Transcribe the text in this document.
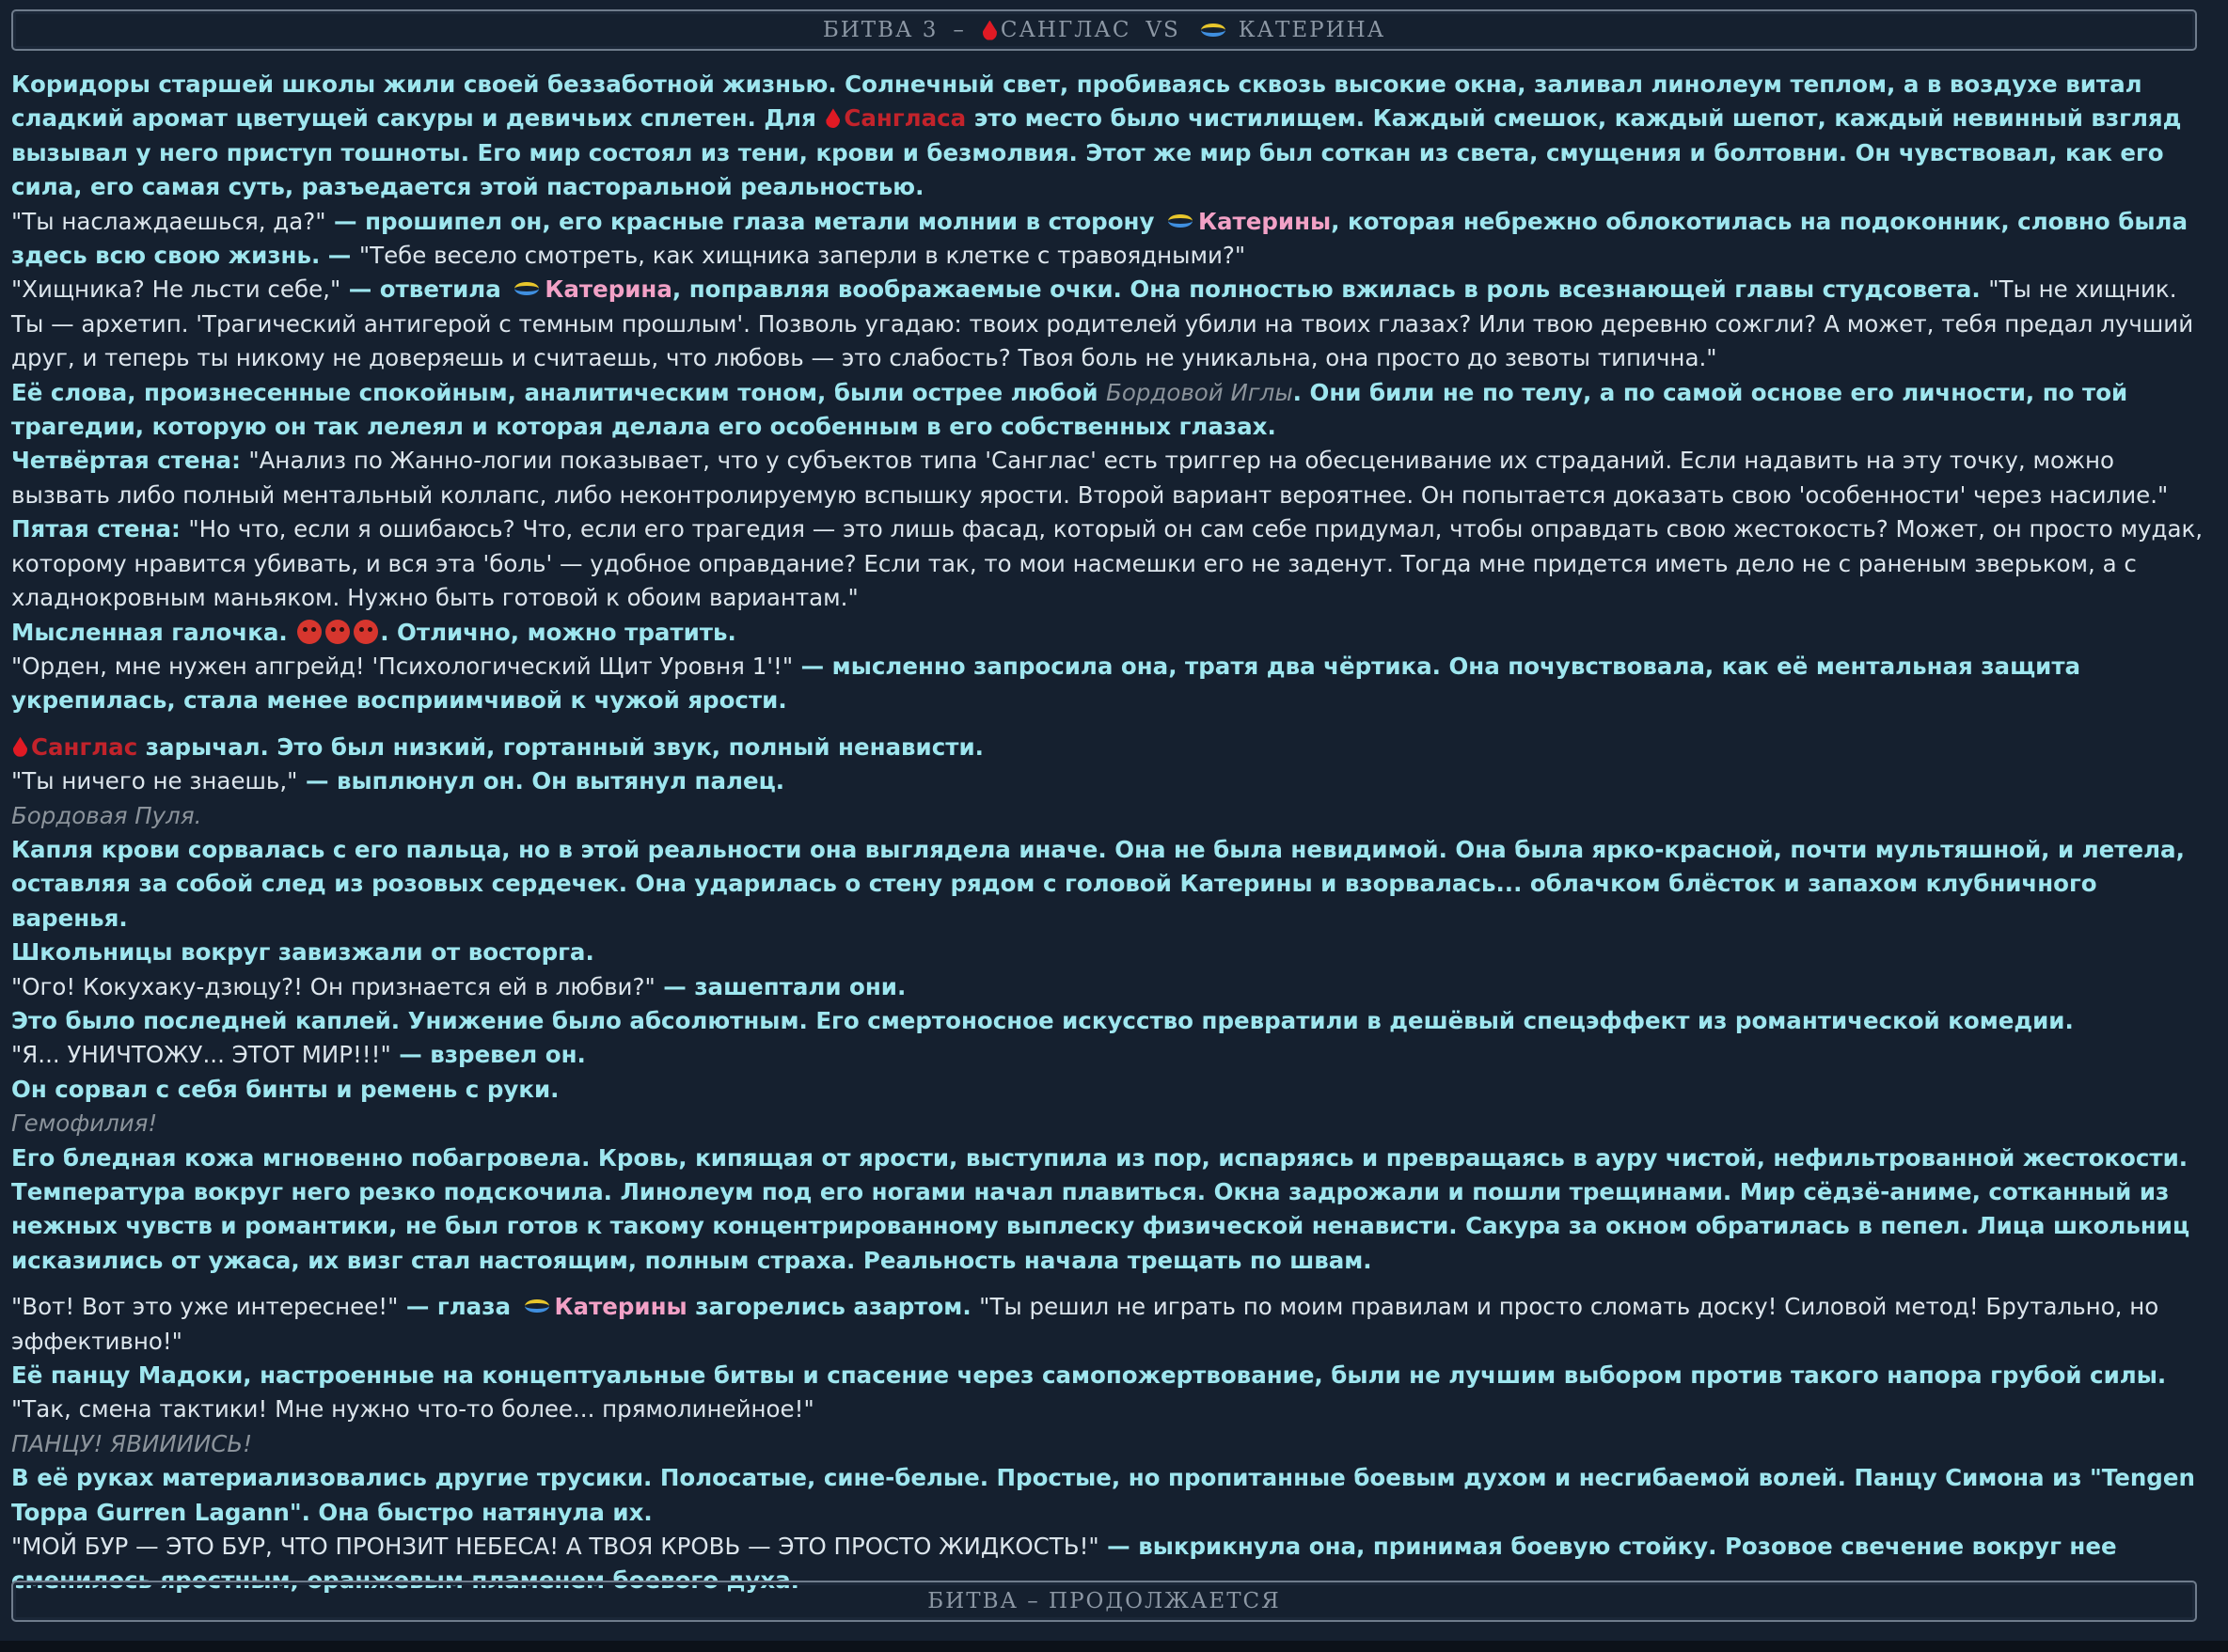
БИТВА 3 –	САНГЛАС VS	КАТЕРИНА

Коридоры старшей школы жили своей беззаботной жизнью. Солнечный свет, пробиваясь сквозь высокие окна, заливал линолеум теплом, а в воздухе витал сладкий аромат цветущей сакуры и девичьих сплетен. Для Сангласа это место было чистилищем. Каждый смешок, каждый шепот, каждый невинный взгляд вызывал у него приступ тошноты. Его мир состоял из тени, крови и безмолвия. Этот же мир был соткан из света, смущения и болтовни. Он чувствовал, как его сила, его самая суть, разъедается этой пасторальной реальностью.

"Ты наслаждаешься, да?" — прошипел он, его красные глаза метали молнии в сторону Катерины, которая небрежно облокотилась на подоконник, словно была здесь всю свою жизнь. — "Тебе весело смотреть, как хищника заперли в клетке с травоядными?"

"Хищника? Не льсти себе," — ответила Катерина, поправляя воображаемые очки. Она полностью вжилась в роль всезнающей главы студсовета. "Ты не хищник. Ты — архетип. 'Трагический антигерой с темным прошлым'. Позволь угадаю: твоих родителей убили на твоих глазах? Или твою деревню сожгли? А может, тебя предал лучший друг, и теперь ты никому не доверяешь и считаешь, что любовь — это слабость? Твоя боль не уникальна, она просто до зевоты типична."

Её слова, произнесенные спокойным, аналитическим тоном, были острее любой Бордовой Иглы. Они били не по телу, а по самой основе его личности, по той трагедии, которую он так лелеял и которая делала его особенным в его собственных глазах.

Четвёртая стена: "Анализ по Жанно-логии показывает, что у субъектов типа 'Санглас' есть триггер на обесценивание их страданий. Если надавить на эту точку, можно вызвать либо полный ментальный коллапс, либо неконтролируемую вспышку ярости. Второй вариант вероятнее. Он попытается доказать свою 'особенности' через насилие."

Пятая стена: "Но что, если я ошибаюсь? Что, если его трагедия — это лишь фасад, который он сам себе придумал, чтобы оправдать свою жестокость? Может, он просто мудак, которому нравится убивать, и вся эта 'боль' — удобное оправдание? Если так, то мои насмешки его не заденут. Тогда мне придется иметь дело не с раненым зверьком, а с хладнокровным маньяком. Нужно быть готовой к обоим вариантам."

Мысленная галочка.	. Отлично, можно тратить.

"Орден, мне нужен апгрейд! 'Психологический Щит Уровня 1'!" — мысленно запросила она, тратя два чёртика. Она почувствовала, как её ментальная защита укрепилась, стала менее восприимчивой к чужой ярости.

Санглас зарычал. Это был низкий, гортанный звук, полный ненависти.

"Ты ничего не знаешь," — выплюнул он. Он вытянул палец.

Бордовая Пуля.

Капля крови сорвалась с его пальца, но в этой реальности она выглядела иначе. Она не была невидимой. Она была ярко-красной, почти мультяшной, и летела, оставляя за собой след из розовых сердечек. Она ударилась о стену рядом с головой Катерины и взорвалась... облачком блёсток и запахом клубничного варенья.

Школьницы вокруг завизжали от восторга.

"Ого! Кокухаку-дзюцу?! Он признается ей в любви?" — зашептали они.

Это было последней каплей. Унижение было абсолютным. Его смертоносное искусство превратили в дешёвый спецэффект из романтической комедии.

"Я... УНИЧТОЖУ... ЭТОТ МИР!!!" — взревел он.

Он сорвал с себя бинты и ремень с руки.

Гемофилия!

Его бледная кожа мгновенно побагровела. Кровь, кипящая от ярости, выступила из пор, испаряясь и превращаясь в ауру чистой, нефильтрованной жестокости. Температура вокруг него резко подскочила. Линолеум под его ногами начал плавиться. Окна задрожали и пошли трещинами. Мир сёдзё-аниме, сотканный из нежных чувств и романтики, не был готов к такому концентрированному выплеску физической ненависти. Сакура за окном обратилась в пепел. Лица школьниц исказились от ужаса, их визг стал настоящим, полным страха. Реальность начала трещать по швам.

"Вот! Вот это уже интереснее!" — глаза Катерины загорелись азартом. "Ты решил не играть по моим правилам и просто сломать доску! Силовой метод! Брутально, но эффективно!"

Её панцу Мадоки, настроенные на концептуальные битвы и спасение через самопожертвование, были не лучшим выбором против такого напора грубой силы.

"Так, смена тактики! Мне нужно что-то более... прямолинейное!"

ПАНЦУ! ЯВИИИИСЬ!

В её руках материализовались другие трусики. Полосатые, сине-белые. Простые, но пропитанные боевым духом и несгибаемой волей. Панцу Симона из "Tengen Toppa Gurren Lagann". Она быстро натянула их.

"МОЙ БУР — ЭТО БУР, ЧТО ПРОНЗИТ НЕБЕСА! А ТВОЯ КРОВЬ — ЭТО ПРОСТО ЖИДКОСТЬ!" — выкрикнула она, принимая боевую стойку. Розовое свечение вокруг нее сменилось яростным, оранжевым пламенем боевого духа.

БИТВА – ПРОДОЛЖАЕТСЯ
